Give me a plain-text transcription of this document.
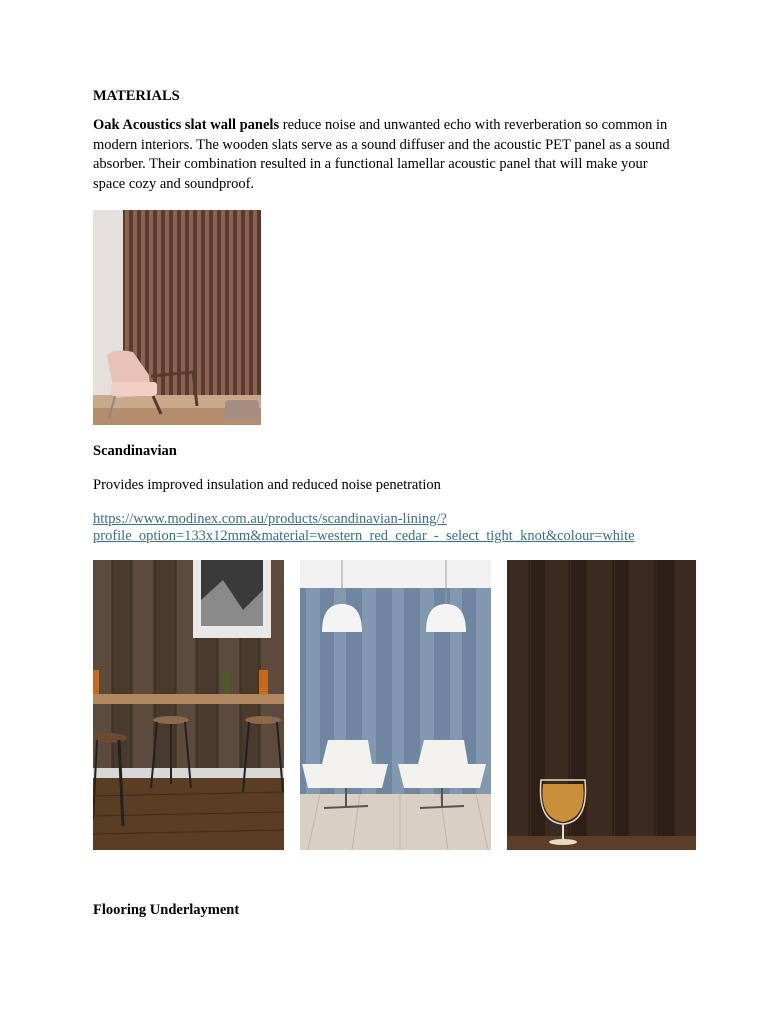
MATERIALS

Oak Acoustics slat wall panels reduce noise and unwanted echo with reverberation so common in modern interiors. The wooden slats serve as a sound diffuser and the acoustic PET panel as a sound absorber. Their combination resulted in a functional lamellar acoustic panel that will make your space cozy and soundproof.

Scandinavian

Provides improved insulation and reduced noise penetration

https://www.modinex.com.au/products/scandinavian-lining/?
profile_option=133x12mm&material=western_red_cedar_-_select_tight_knot&colour=white
Flooring Underlayment
